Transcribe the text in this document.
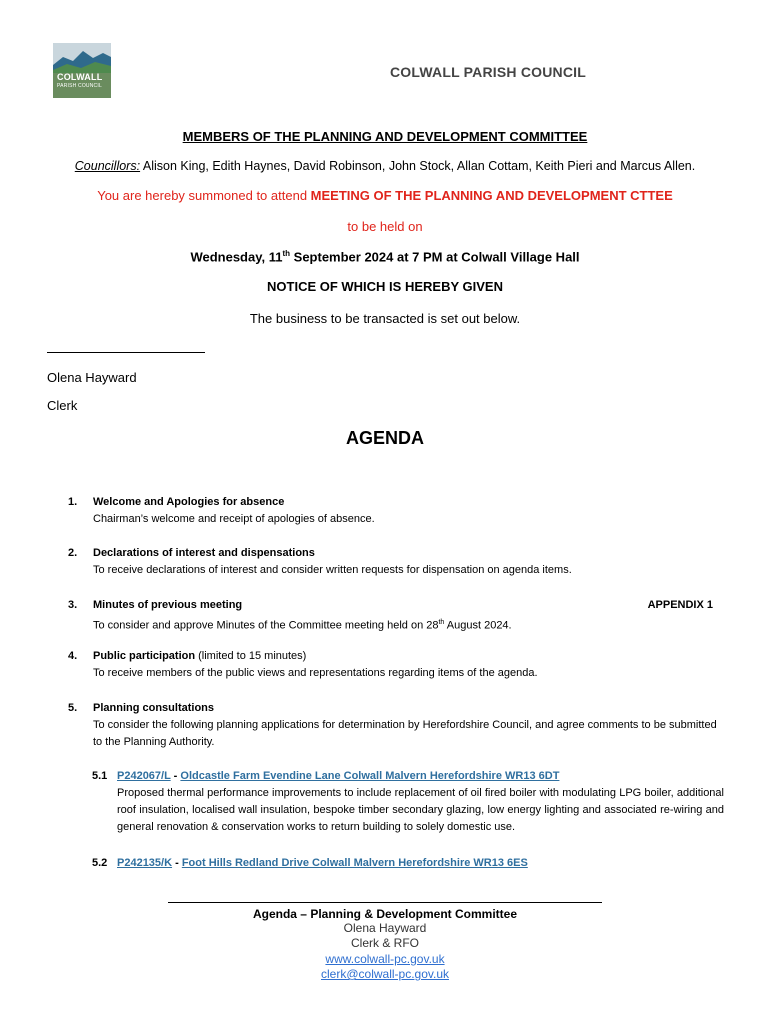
COLWALL
PARISH COUNCIL
COLWALL PARISH COUNCIL
MEMBERS OF THE PLANNING AND DEVELOPMENT COMMITTEE
Councillors: Alison King, Edith Haynes, David Robinson, John Stock, Allan Cottam, Keith Pieri and Marcus Allen.
You are hereby summoned to attend MEETING OF THE PLANNING AND DEVELOPMENT CTTEE
to be held on
Wednesday, 11th September 2024 at 7 PM at Colwall Village Hall
NOTICE OF WHICH IS HEREBY GIVEN
The business to be transacted is set out below.
Olena Hayward
Clerk
AGENDA
1. Welcome and Apologies for absence
Chairman’s welcome and receipt of apologies of absence.
2. Declarations of interest and dispensations
To receive declarations of interest and consider written requests for dispensation on agenda items.
3.	APPENDIX 1
Minutes of previous meeting
To consider and approve Minutes of the Committee meeting held on 28th August 2024.
4. Public participation (limited to 15 minutes)
To receive members of the public views and representations regarding items of the agenda.
5. Planning consultations
To consider the following planning applications for determination by Herefordshire Council, and agree comments to be submitted to the Planning Authority.
5.1 P242067/L - Oldcastle Farm Evendine Lane Colwall Malvern Herefordshire WR13 6DT
Proposed thermal performance improvements to include replacement of oil fired boiler with modulating LPG boiler, additional roof insulation, localised wall insulation, bespoke timber secondary glazing, low energy lighting and associated re-wiring and general renovation & conservation works to return building to solely domestic use.
5.2 P242135/K - Foot Hills Redland Drive Colwall Malvern Herefordshire WR13 6ES
Agenda – Planning & Development Committee
Olena Hayward
Clerk & RFO
www.colwall-pc.gov.uk
clerk@colwall-pc.gov.uk
